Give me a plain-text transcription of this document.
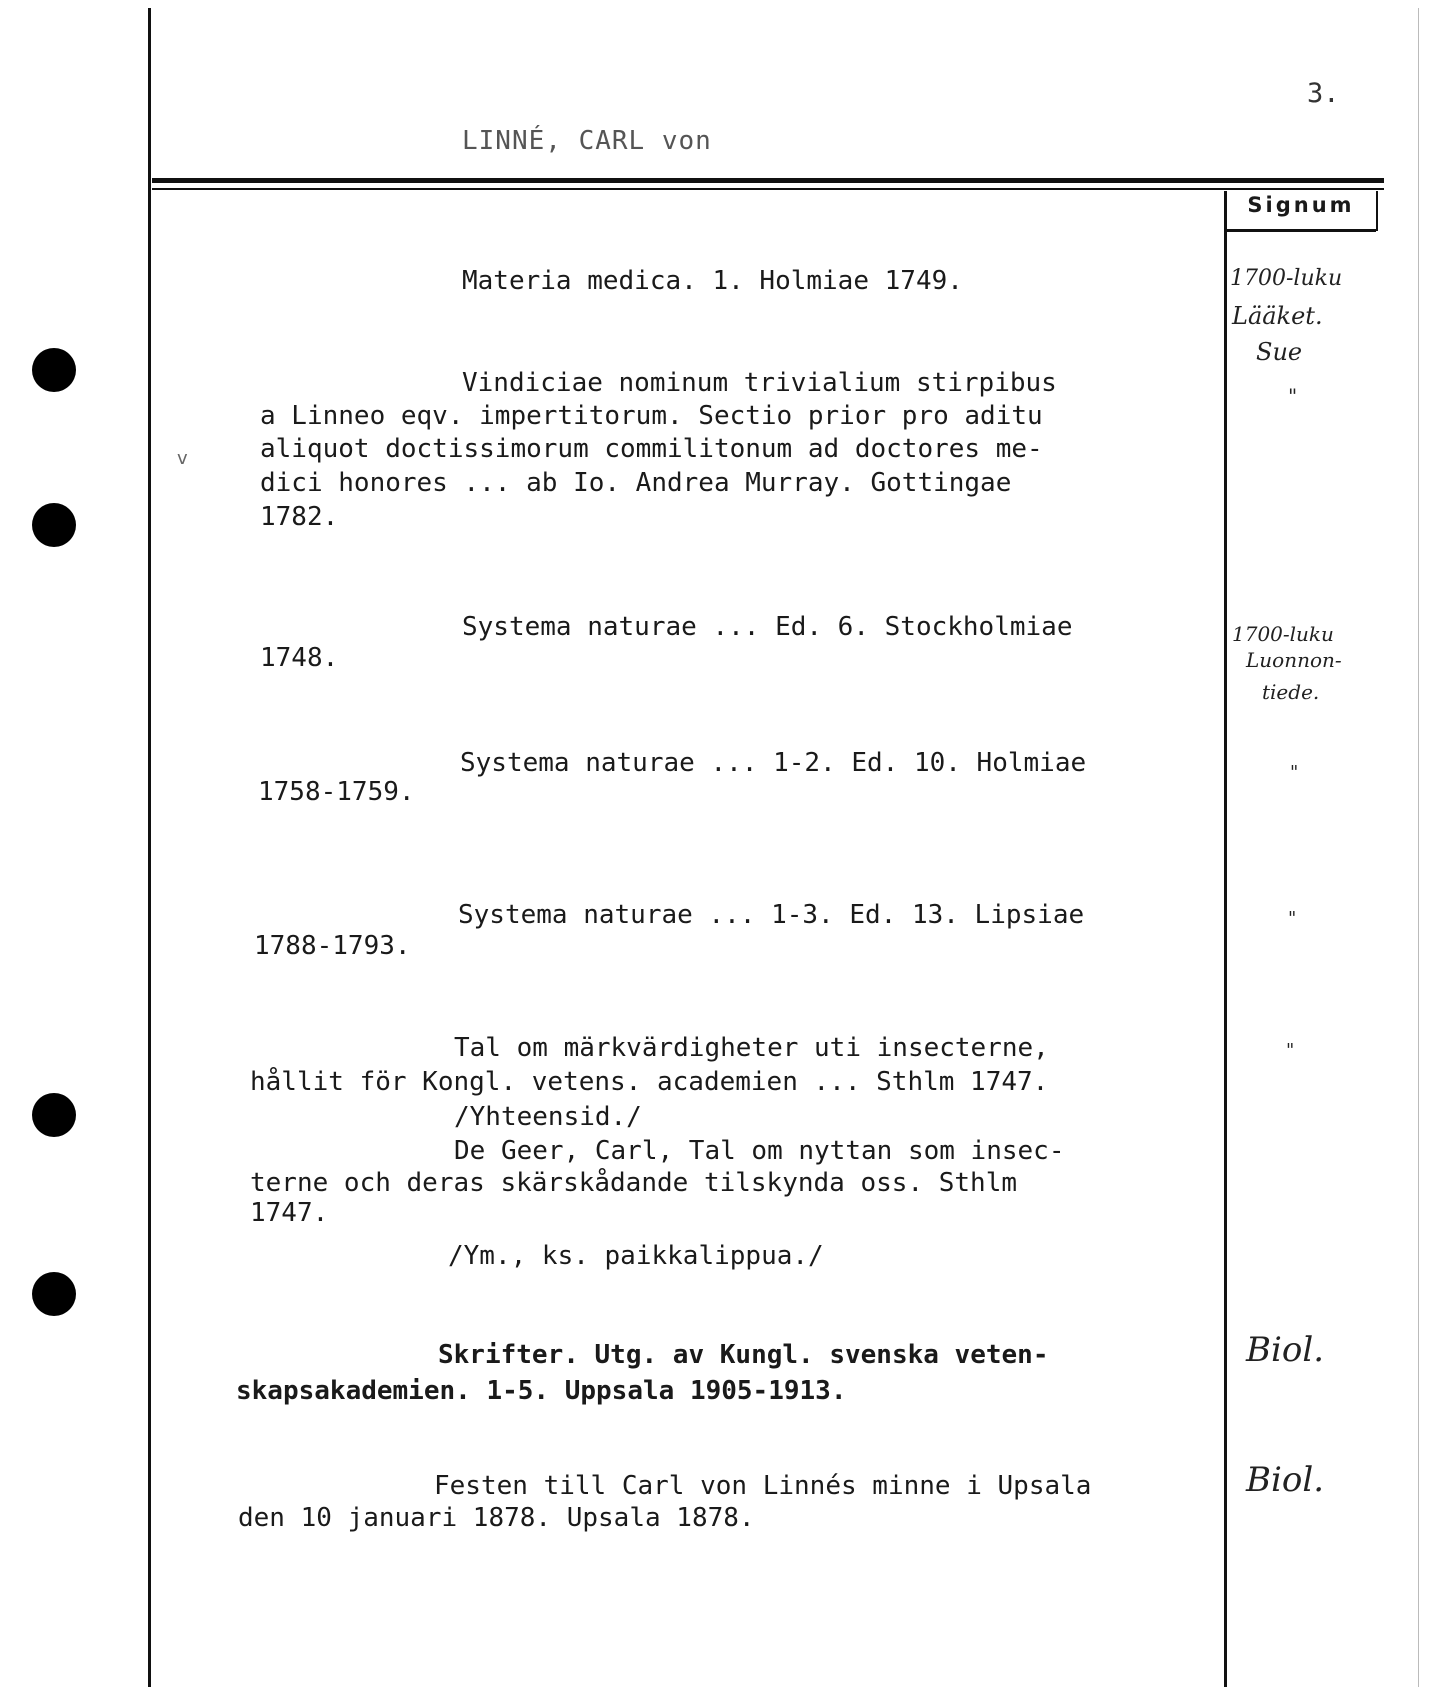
3.
LINNÉ, CARL von
Signum
v
Materia medica. 1. Holmiae 1749.
Vindiciae nominum trivialium stirpibus
a Linneo eqv. impertitorum. Sectio prior pro aditu
aliquot doctissimorum commilitonum ad doctores me-
dici honores ... ab Io. Andrea Murray. Gottingae
1782.
Systema naturae ... Ed. 6. Stockholmiae
1748.
Systema naturae ... 1-2. Ed. 10. Holmiae
1758-1759.
Systema naturae ... 1-3. Ed. 13. Lipsiae
1788-1793.
Tal om märkvärdigheter uti insecterne,
hållit för Kongl. vetens. academien ... Sthlm 1747.
/Yhteensid./
De Geer, Carl, Tal om nyttan som insec-
terne och deras skärskådande tilskynda oss. Sthlm
1747.
/Ym., ks. paikkalippua./
Skrifter. Utg. av Kungl. svenska veten-
skapsakademien. 1-5. Uppsala 1905-1913.
Festen till Carl von Linnés minne i Upsala
den 10 januari 1878. Upsala 1878.
1700-luku
Lääket.
Sue
"
1700-luku
Luonnon-
tiede.
"
"
"
Biol.
Biol.
